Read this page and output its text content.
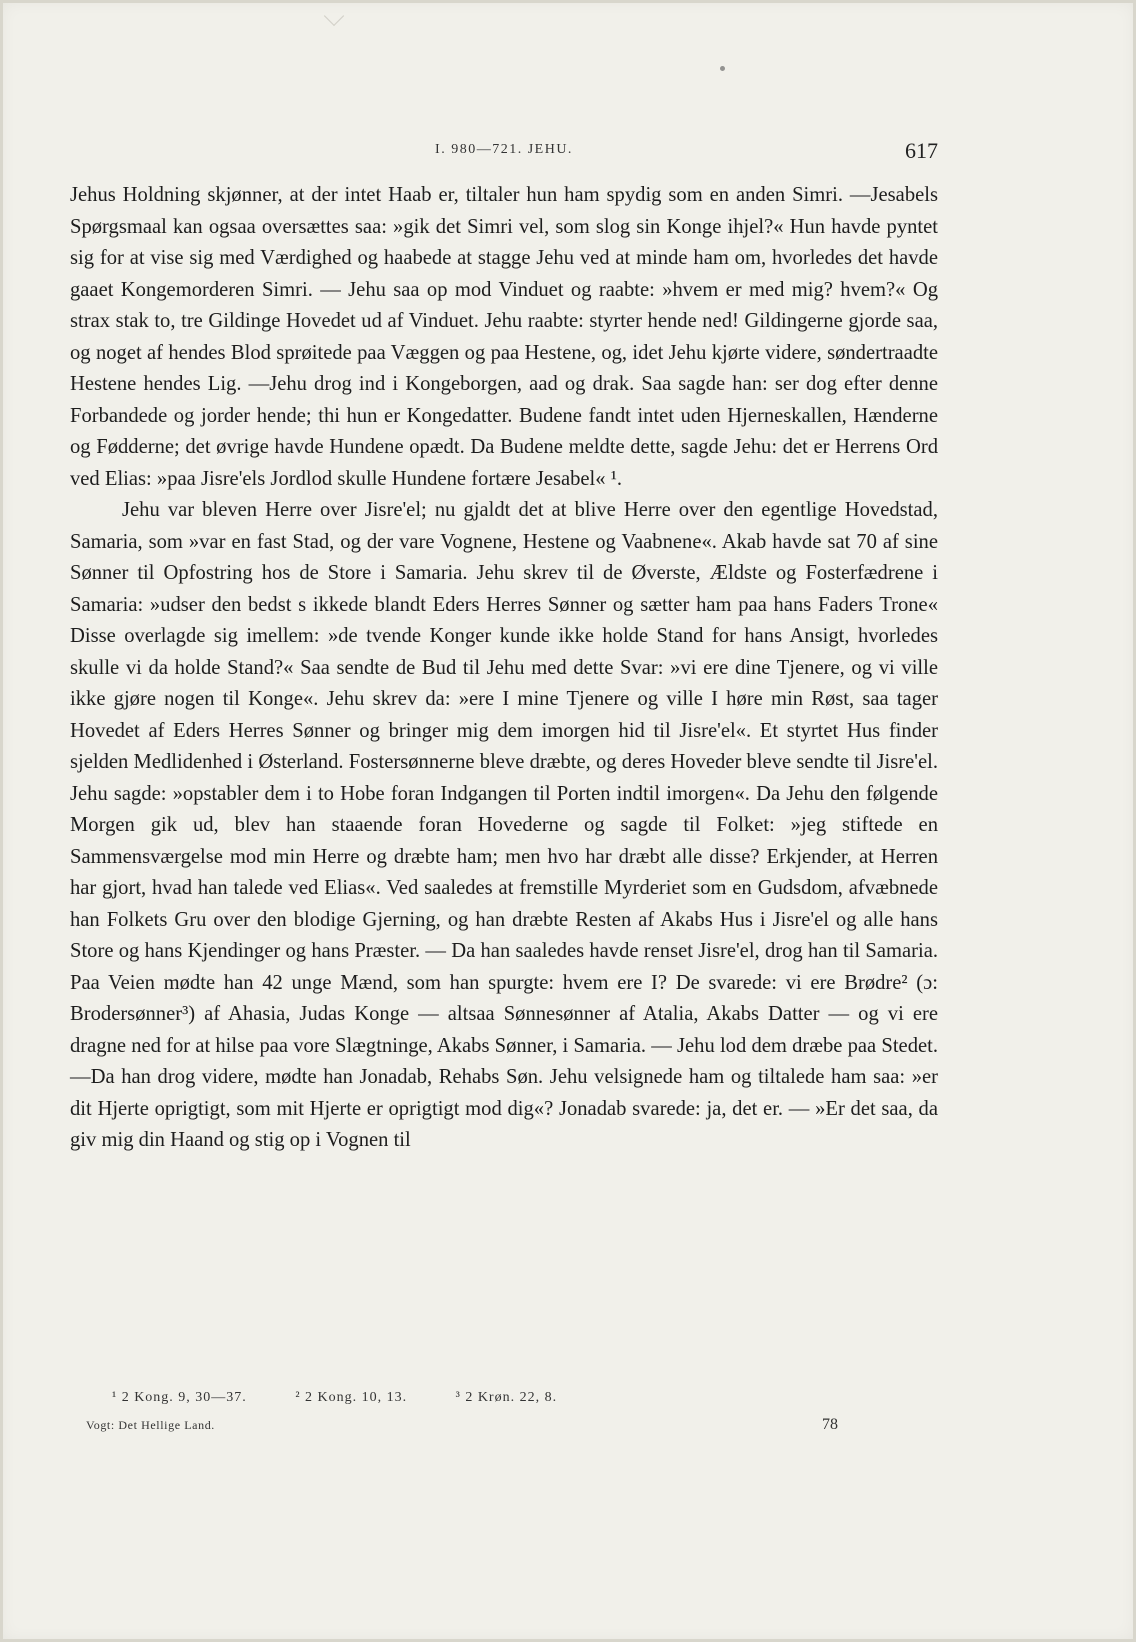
I. 980—721. JEHU.	617

Jehus Holdning skjønner, at der intet Haab er, tiltaler hun ham spydig som en anden Simri. —Jesabels Spørgsmaal kan ogsaa oversættes saa: »gik det Simri vel, som slog sin Konge ihjel?« Hun havde pyntet sig for at vise sig med Værdighed og haabede at stagge Jehu ved at minde ham om, hvorledes det havde gaaet Kongemorderen Simri. — Jehu saa op mod Vinduet og raabte: »hvem er med mig? hvem?« Og strax stak to, tre Gildinge Hovedet ud af Vinduet. Jehu raabte: styrter hende ned! Gildingerne gjorde saa, og noget af hendes Blod sprøitede paa Væggen og paa Hestene, og, idet Jehu kjørte videre, søndertraadte Hestene hendes Lig. —Jehu drog ind i Kongeborgen, aad og drak. Saa sagde han: ser dog efter denne Forbandede og jorder hende; thi hun er Kongedatter. Budene fandt intet uden Hjerneskallen, Hænderne og Fødderne; det øvrige havde Hundene opædt. Da Budene meldte dette, sagde Jehu: det er Herrens Ord ved Elias: »paa Jisre'els Jordlod skulle Hundene fortære Jesabel« ¹.

Jehu var bleven Herre over Jisre'el; nu gjaldt det at blive Herre over den egentlige Hovedstad, Samaria, som »var en fast Stad, og der vare Vognene, Hestene og Vaabnene«. Akab havde sat 70 af sine Sønner til Opfostring hos de Store i Samaria. Jehu skrev til de Øverste, Ældste og Fosterfædrene i Samaria: »udser den bedst s ikkede blandt Eders Herres Sønner og sætter ham paa hans Faders Trone« Disse overlagde sig imellem: »de tvende Konger kunde ikke holde Stand for hans Ansigt, hvorledes skulle vi da holde Stand?« Saa sendte de Bud til Jehu med dette Svar: »vi ere dine Tjenere, og vi ville ikke gjøre nogen til Konge«. Jehu skrev da: »ere I mine Tjenere og ville I høre min Røst, saa tager Hovedet af Eders Herres Sønner og bringer mig dem imorgen hid til Jisre'el«. Et styrtet Hus finder sjelden Medlidenhed i Østerland. Fostersønnerne bleve dræbte, og deres Hoveder bleve sendte til Jisre'el. Jehu sagde: »opstabler dem i to Hobe foran Indgangen til Porten indtil imorgen«. Da Jehu den følgende Morgen gik ud, blev han staaende foran Hovederne og sagde til Folket: »jeg stiftede en Sammensværgelse mod min Herre og dræbte ham; men hvo har dræbt alle disse? Erkjender, at Herren har gjort, hvad han talede ved Elias«. Ved saaledes at fremstille Myrderiet som en Gudsdom, afvæbnede han Folkets Gru over den blodige Gjerning, og han dræbte Resten af Akabs Hus i Jisre'el og alle hans Store og hans Kjendinger og hans Præster. — Da han saaledes havde renset Jisre'el, drog han til Samaria. Paa Veien mødte han 42 unge Mænd, som han spurgte: hvem ere I? De svarede: vi ere Brødre² (ɔ: Brodersønner³) af Ahasia, Judas Konge — altsaa Sønnesønner af Atalia, Akabs Datter — og vi ere dragne ned for at hilse paa vore Slægtninge, Akabs Sønner, i Samaria. — Jehu lod dem dræbe paa Stedet. —Da han drog videre, mødte han Jonadab, Rehabs Søn. Jehu velsignede ham og tiltalede ham saa: »er dit Hjerte oprigtigt, som mit Hjerte er oprigtigt mod dig«? Jonadab svarede: ja, det er. — »Er det saa, da giv mig din Haand og stig op i Vognen til

¹ 2 Kong. 9, 30—37.	² 2 Kong. 10, 13.	³ 2 Krøn. 22, 8.
Vogt: Det Hellige Land.	78
